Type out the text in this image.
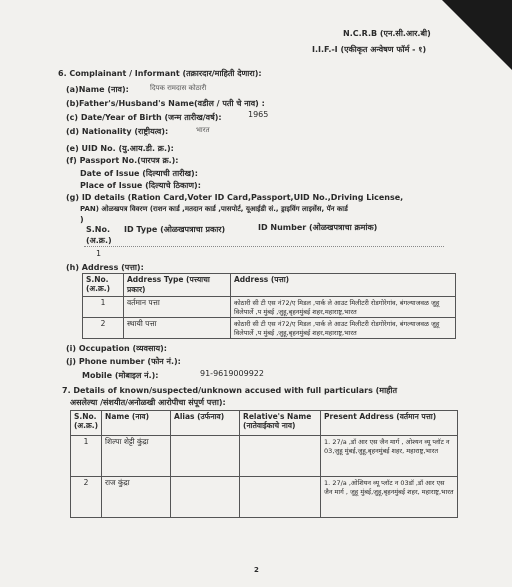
N.C.R.B (एन.सी.आर.बी)
I.I.F.-I (एकीकृत अन्वेषण फॉर्म - १)
6. Complainant / Informant (तक्रारदार/माहिती देणारा):
(a)Name (नाव):	दिपक रामदास कोठारी
(b)Father's/Husband's Name(वडील / पती चे नाव) :
(c) Date/Year of Birth (जन्म तारीख/वर्ष):	1965
(d) Nationality (राष्ट्रीयत्व):	भारत
(e) UID No. (यु.आय.डी. क्र.):
(f) Passport No.(पारपत्र क्र.):
Date of Issue (दिल्याची तारीख):
Place of Issue (दिल्याचे ठिकाण):
(g) ID details (Ration Card,Voter ID Card,Passport,UID No.,Driving License,
PAN) ओळखपत्र विवरण (राशन कार्ड ,मतदान कार्ड ,पासपोर्ट, यूआईडी सं., ड्राइविंग लाइसेंस, पॅन कार्ड
)
S.No. (अ.क्र.)
ID Type (ओळखपत्राचा प्रकार)	ID Number (ओळखपत्राचा क्रमांक)
1
(h) Address (पत्ता):
S.No. (अ.क्र.)	Address Type (पत्त्याचा प्रकार)	Address (पत्ता)
1	वर्तमान पत्ता	कोठारी सी टी एस नं72/ए मिडल ,पार्क ले आउट मिलीटरी रोडगोरेगांव, बंगल्याजवळ जुहू विलेपार्ले ,प मुंबई ,जुहू,बृहनमुंबई शहर,महाराष्ट्र,भारत
2	स्थायी पत्ता	कोठारी सी टी एस नं72/ए मिडल ,पार्क ले आउट मिलीटरी रोडगोरेगांव, बंगल्याजवळ जुहू विलेपार्ले ,प मुंबई ,जुहू,बृहनमुंबई शहर,महाराष्ट्र,भारत
(i) Occupation (व्यवसाय):
(j) Phone number (फोन नं.):
Mobile (मोबाइल नं.):	91-9619009922
7. Details of known/suspected/unknown accused with full particulars (माहीत
असलेल्या /संशयीत/अनोळखी आरोपीचा संपूर्ण पत्ता):
S.No. (अ.क्र.)	Name (नाव)	Alias (उर्फनाव)	Relative's Name (नातेवाईकाचे नाव)	Present Address (वर्तमान पत्ता)
1	शिल्पा शेट्टी कुंद्रा			1. 27/a ,डॉ आर एस जैन मार्ग , ओश्यन व्यू प्लॉट न 03,जुहू मुंबई,जुहू,बृहनमुंबई शहर, महाराष्ट्र,भारत
2	राज कुंद्रा			1. 27/a ,ओशियन व्यू प्लॉट न 03डॉ ,डॉ आर एस जैन मार्ग , जुहू मुंबई,जुहू,बृहनमुंबई शहर, महाराष्ट्र,भारत
2
